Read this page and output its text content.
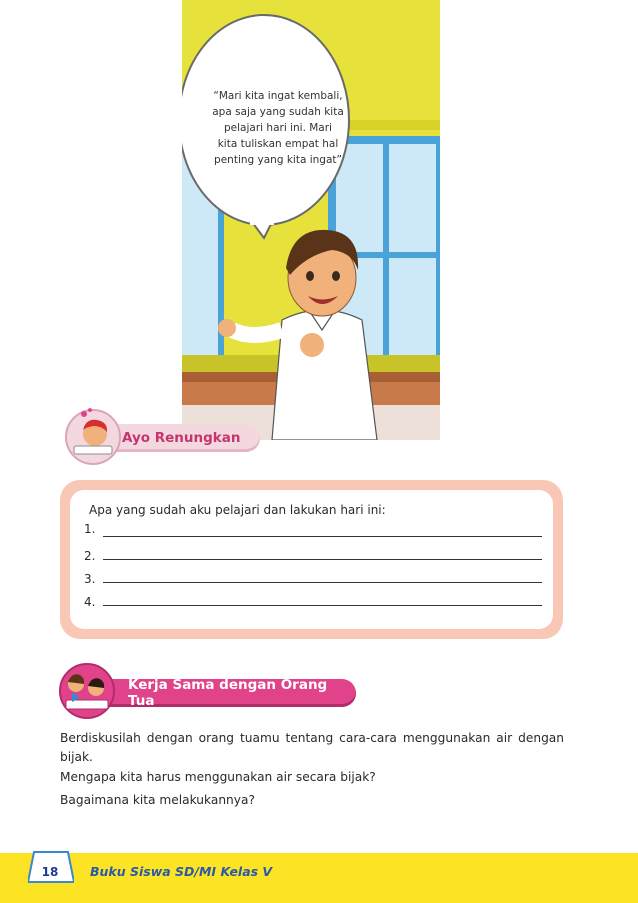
“Mari kita ingat kembali,
apa saja yang sudah kita
pelajari hari ini. Mari
kita tuliskan empat hal
penting yang kita ingat”
Ayo Renungkan
Apa yang sudah aku pelajari dan lakukan hari ini:
1.
2.
3.
4.
Kerja Sama dengan Orang Tua
Berdiskusilah dengan orang tuamu tentang cara-cara menggunakan air dengan bijak.
Mengapa kita harus menggunakan air secara bijak?
Bagaimana kita melakukannya?
18	Buku Siswa SD/MI Kelas V
